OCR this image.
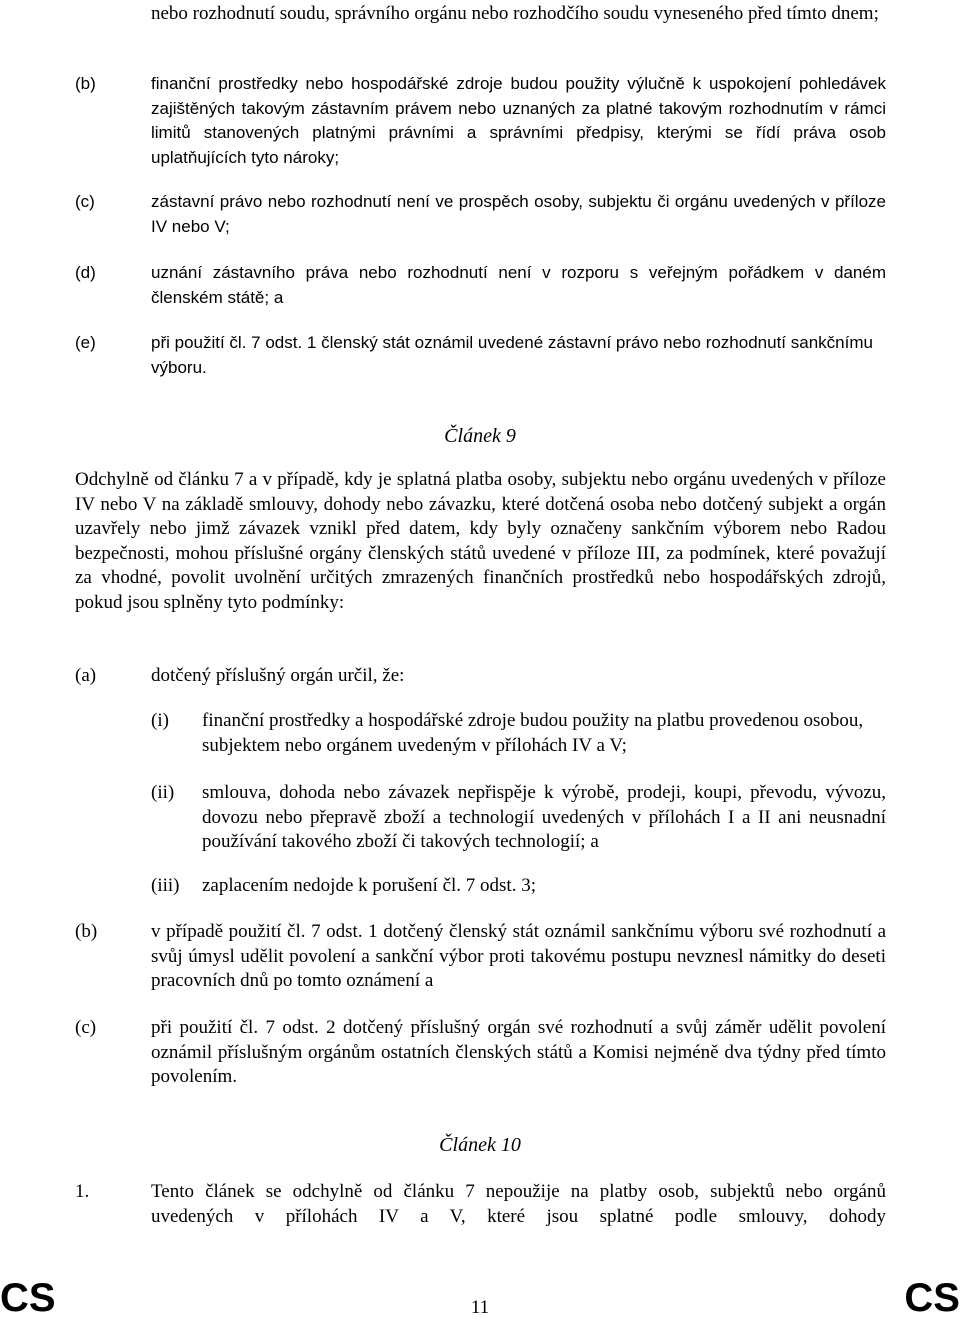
nebo rozhodnutí soudu, správního orgánu nebo rozhodčího soudu vyneseného před tímto dnem;

(b)	finanční prostředky nebo hospodářské zdroje budou použity výlučně k uspokojení pohledávek zajištěných takovým zástavním právem nebo uznaných za platné takovým rozhodnutím v rámci limitů stanovených platnými právními a správními předpisy, kterými se řídí práva osob uplatňujících tyto nároky;

(c)	zástavní právo nebo rozhodnutí není ve prospěch osoby, subjektu či orgánu uvedených v příloze IV nebo V;

(d)	uznání zástavního práva nebo rozhodnutí není v rozporu s veřejným pořádkem v daném členském státě; a

(e)	při použití čl. 7 odst. 1 členský stát oznámil uvedené zástavní právo nebo rozhodnutí sankčnímu výboru.

Článek 9

Odchylně od článku 7 a v případě, kdy je splatná platba osoby, subjektu nebo orgánu uvedených v příloze IV nebo V na základě smlouvy, dohody nebo závazku, které dotčená osoba nebo dotčený subjekt a orgán uzavřely nebo jimž závazek vznikl před datem, kdy byly označeny sankčním výborem nebo Radou bezpečnosti, mohou příslušné orgány členských států uvedené v příloze III, za podmínek, které považují za vhodné, povolit uvolnění určitých zmrazených finančních prostředků nebo hospodářských zdrojů, pokud jsou splněny tyto podmínky:

(a)	dotčený příslušný orgán určil, že:

(i) finanční prostředky a hospodářské zdroje budou použity na platbu provedenou osobou, subjektem nebo orgánem uvedeným v přílohách IV a V;

(ii) smlouva, dohoda nebo závazek nepřispěje k výrobě, prodeji, koupi, převodu, vývozu, dovozu nebo přepravě zboží a technologií uvedených v přílohách I a II ani neusnadní používání takového zboží či takových technologií; a

(iii) zaplacením nedojde k porušení čl. 7 odst. 3;

(b)	v případě použití čl. 7 odst. 1 dotčený členský stát oznámil sankčnímu výboru své rozhodnutí a svůj úmysl udělit povolení a sankční výbor proti takovému postupu nevznesl námitky do deseti pracovních dnů po tomto oznámení a

(c)	při použití čl. 7 odst. 2 dotčený příslušný orgán své rozhodnutí a svůj záměr udělit povolení oznámil příslušným orgánům ostatních členských států a Komisi nejméně dva týdny před tímto povolením.

Článek 10
1.	Tento článek se odchylně od článku 7 nepoužije na platby osob, subjektů nebo orgánů uvedených v přílohách IV a V, které jsou splatné podle smlouvy, dohody

CS	11	CS
